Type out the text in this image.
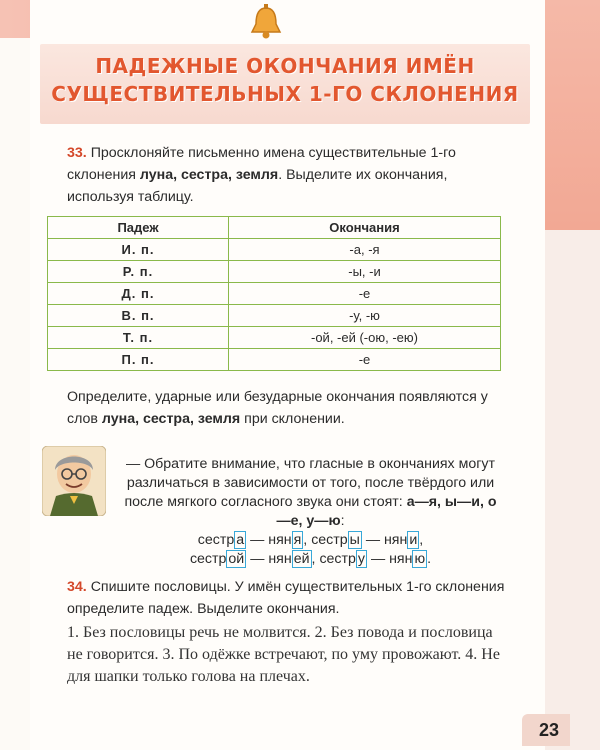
ПАДЕЖНЫЕ ОКОНЧАНИЯ ИМЁН
СУЩЕСТВИТЕЛЬНЫХ 1-ГО СКЛОНЕНИЯ
33. Просклоняйте письменно имена существительные 1-го склонения луна, сестра, земля. Выделите их окончания, используя таблицу.
Падеж	Окончания
И. п.	-а, -я
Р. п.	-ы, -и
Д. п.	-е
В. п.	-у, -ю
Т. п.	-ой, -ей (-ою, -ею)
П. п.	-е
Определите, ударные или безударные окончания появляются у слов луна, сестра, земля при склонении.
— Обратите внимание, что гласные в окончаниях могут различаться в зависимости от того, после твёрдого или после мягкого согласного звука они стоят: а—я, ы—и, о—е, у—ю:
сестр а — нян я , сестр ы — нян и ,
сестр ой — нян ей , сестр у — нян ю .
34. Спишите пословицы. У имён существительных 1-го склонения определите падеж. Выделите окончания.
1. Без пословицы речь не молвится. 2. Без повода и пословица не говорится. 3. По одёжке встречают, по уму провожают. 4. Не для шапки только голова на плечах.
23
